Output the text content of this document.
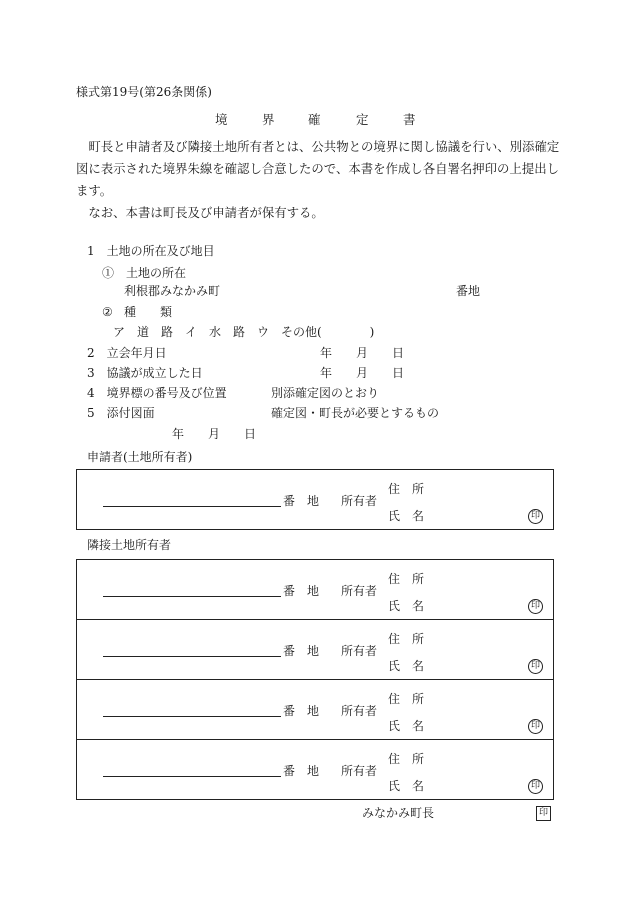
様式第19号(第26条関係)
境	界	確	定	書
　町長と申請者及び隣接土地所有者とは、公共物との境界に関し協議を行い、別添確定
図に表示された境界朱線を確認し合意したので、本書を作成し各自署名押印の上提出し
ます。
　なお、本書は町長及び申請者が保有する。
1　土地の所在及び地目
①　土地の所在
利根郡みなかみ町	番地
② 種　　類
ア　道　路　イ　水　路　ウ　その他(　　　　)
2　立会年月日	年　　月　　日
3　協議が成立した日	年　　月　　日
4　境界標の番号及び位置	別添確定図のとおり
5　添付図面	確定図・町長が必要とするもの
年　　月　　日
申請者(土地所有者)
番　地 所有者
住　所
氏　名	印
隣接土地所有者
番　地 所有者
住　所
氏　名	印
番　地 所有者
住　所
氏　名	印
番　地 所有者
住　所
氏　名	印
番　地 所有者
住　所
氏　名	印
みなかみ町長	印
